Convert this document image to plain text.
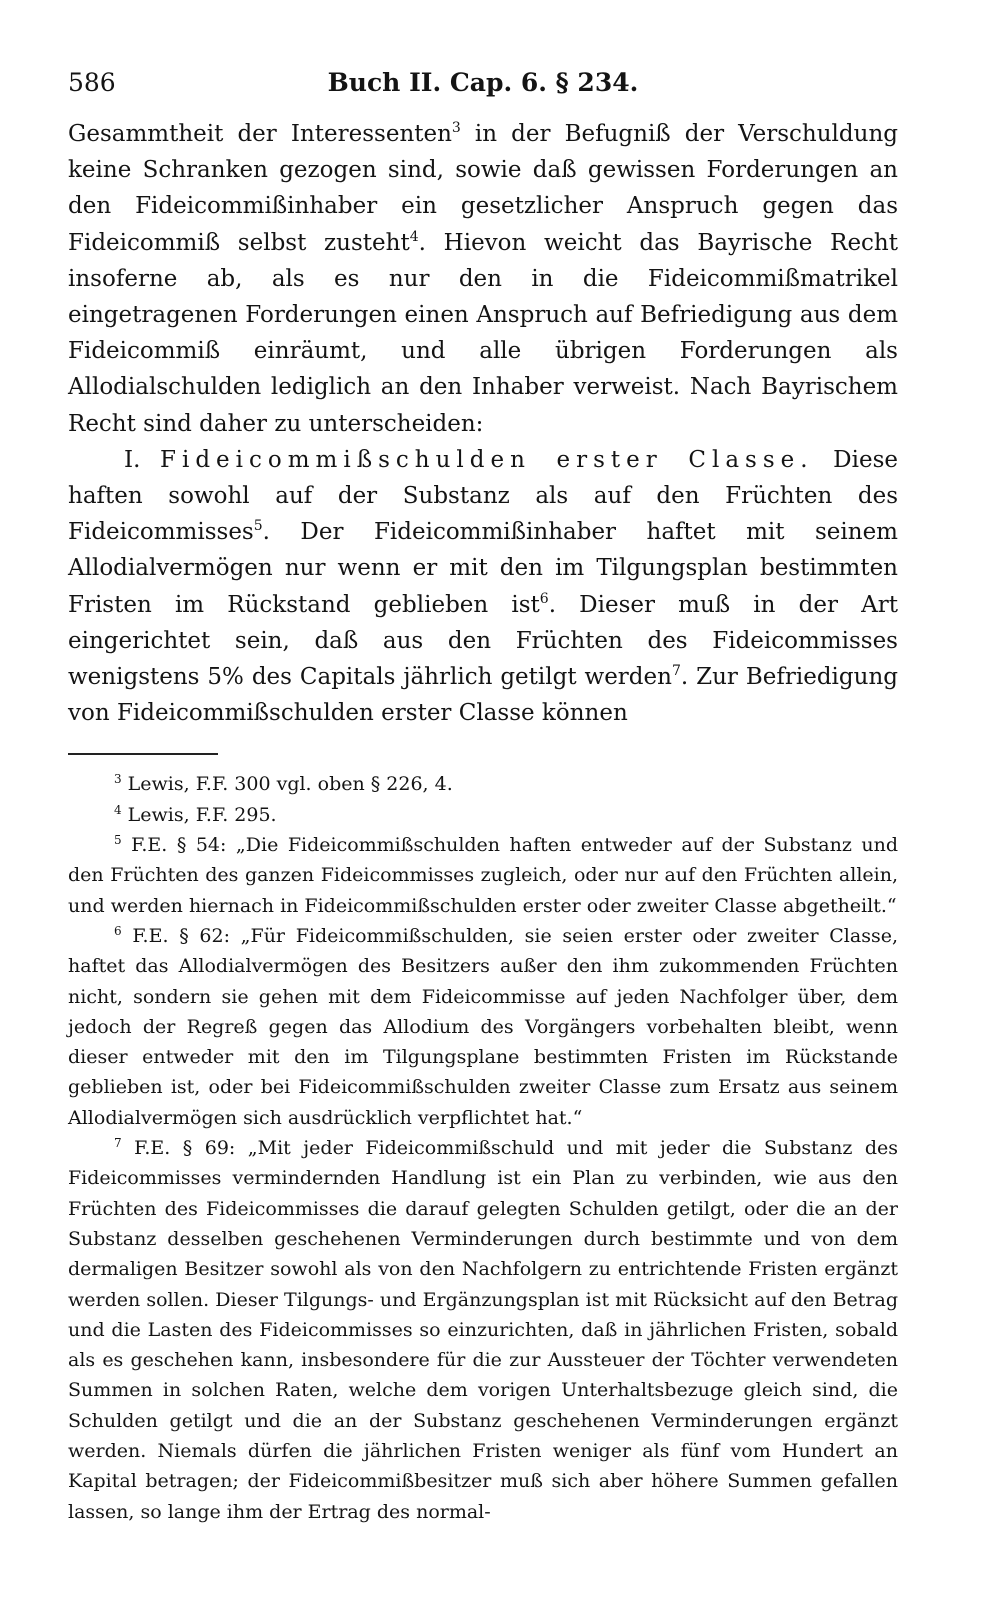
586	Buch II. Cap. 6. § 234.

Gesammtheit der Interessenten$^3$ in der Befugniß der Verschuldung keine Schranken gezogen sind, sowie daß gewissen Forderungen an den Fideicommißinhaber ein gesetzlicher Anspruch gegen das Fideicommiß selbst zusteht$^4$. Hievon weicht das Bayrische Recht insoferne ab, als es nur den in die Fideicommißmatrikel eingetragenen Forderungen einen Anspruch auf Befriedigung aus dem Fideicommiß einräumt, und alle übrigen Forderungen als Allodialschulden lediglich an den Inhaber verweist. Nach Bayrischem Recht sind daher zu unterscheiden:

I. Fideicommißschulden erster Classe. Diese haften sowohl auf der Substanz als auf den Früchten des Fideicommisses$^5$. Der Fideicommißinhaber haftet mit seinem Allodialvermögen nur wenn er mit den im Tilgungsplan bestimmten Fristen im Rückstand geblieben ist$^6$. Dieser muß in der Art eingerichtet sein, daß aus den Früchten des Fideicommisses wenigstens 5% des Capitals jährlich getilgt werden$^7$. Zur Befriedigung von Fideicommißschulden erster Classe können

$^3$ Lewis, F.F. 300 vgl. oben § 226, 4.

$^4$ Lewis, F.F. 295.

$^5$ F.E. § 54: „Die Fideicommißschulden haften entweder auf der Substanz und den Früchten des ganzen Fideicommisses zugleich, oder nur auf den Früchten allein, und werden hiernach in Fideicommißschulden erster oder zweiter Classe abgetheilt.“

$^6$ F.E. § 62: „Für Fideicommißschulden, sie seien erster oder zweiter Classe, haftet das Allodialvermögen des Besitzers außer den ihm zukommenden Früchten nicht, sondern sie gehen mit dem Fideicommisse auf jeden Nachfolger über, dem jedoch der Regreß gegen das Allodium des Vorgängers vorbehalten bleibt, wenn dieser entweder mit den im Tilgungsplane bestimmten Fristen im Rückstande geblieben ist, oder bei Fideicommißschulden zweiter Classe zum Ersatz aus seinem Allodialvermögen sich ausdrücklich verpflichtet hat.“

$^7$ F.E. § 69: „Mit jeder Fideicommißschuld und mit jeder die Substanz des Fideicommisses vermindernden Handlung ist ein Plan zu verbinden, wie aus den Früchten des Fideicommisses die darauf gelegten Schulden getilgt, oder die an der Substanz desselben geschehenen Verminderungen durch bestimmte und von dem dermaligen Besitzer sowohl als von den Nachfolgern zu entrichtende Fristen ergänzt werden sollen. Dieser Tilgungs- und Ergänzungsplan ist mit Rücksicht auf den Betrag und die Lasten des Fideicommisses so einzurichten, daß in jährlichen Fristen, sobald als es geschehen kann, insbesondere für die zur Aussteuer der Töchter verwendeten Summen in solchen Raten, welche dem vorigen Unterhaltsbezuge gleich sind, die Schulden getilgt und die an der Substanz geschehenen Verminderungen ergänzt werden. Niemals dürfen die jährlichen Fristen weniger als fünf vom Hundert an Kapital betragen; der Fideicommißbesitzer muß sich aber höhere Summen gefallen lassen, so lange ihm der Ertrag des normal-
